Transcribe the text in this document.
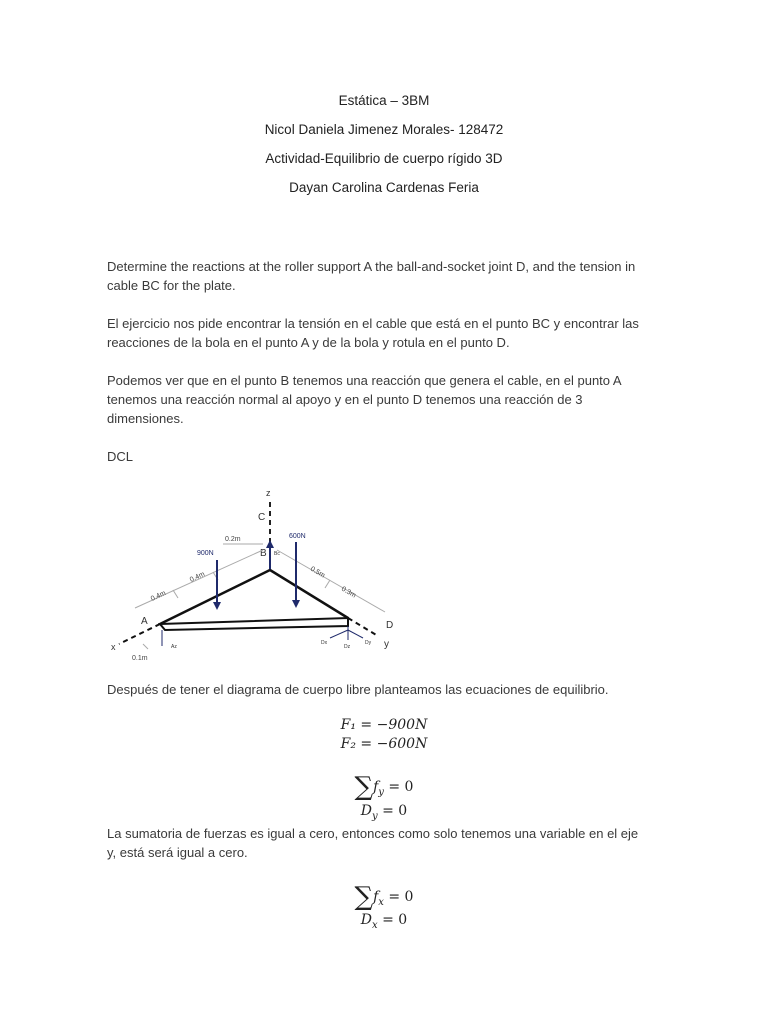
Estática – 3BM
Nicol Daniela Jimenez Morales- 128472
Actividad-Equilibrio de cuerpo rígido 3D
Dayan Carolina Cardenas Feria
Determine the reactions at the roller support A the ball-and-socket joint D, and the tension in cable BC for the plate.
El ejercicio nos pide encontrar la tensión en el cable que está en el punto BC y encontrar las reacciones de la bola en el punto A y de la bola y rotula en el punto D.
Podemos ver que en el punto B tenemos una reacción que genera el cable, en el punto A tenemos una reacción normal al apoyo y en el punto D tenemos una reacción de 3 dimensiones.
DCL
z
C
B Bc
0.2m
0.4m
0.4m	0.5m
0.3m
x
A
y
D
900N
600N
Az
0.1m
Dx
Dz
Dy
Después de tener el diagrama de cuerpo libre planteamos las ecuaciones de equilibrio.
F₁ = −900N
F₂ = −600N
$\sum f_y = 0$
$D_y = 0$
La sumatoria de fuerzas es igual a cero, entonces como solo tenemos una variable en el eje y, está será igual a cero.
$\sum f_x = 0$
$D_x = 0$
